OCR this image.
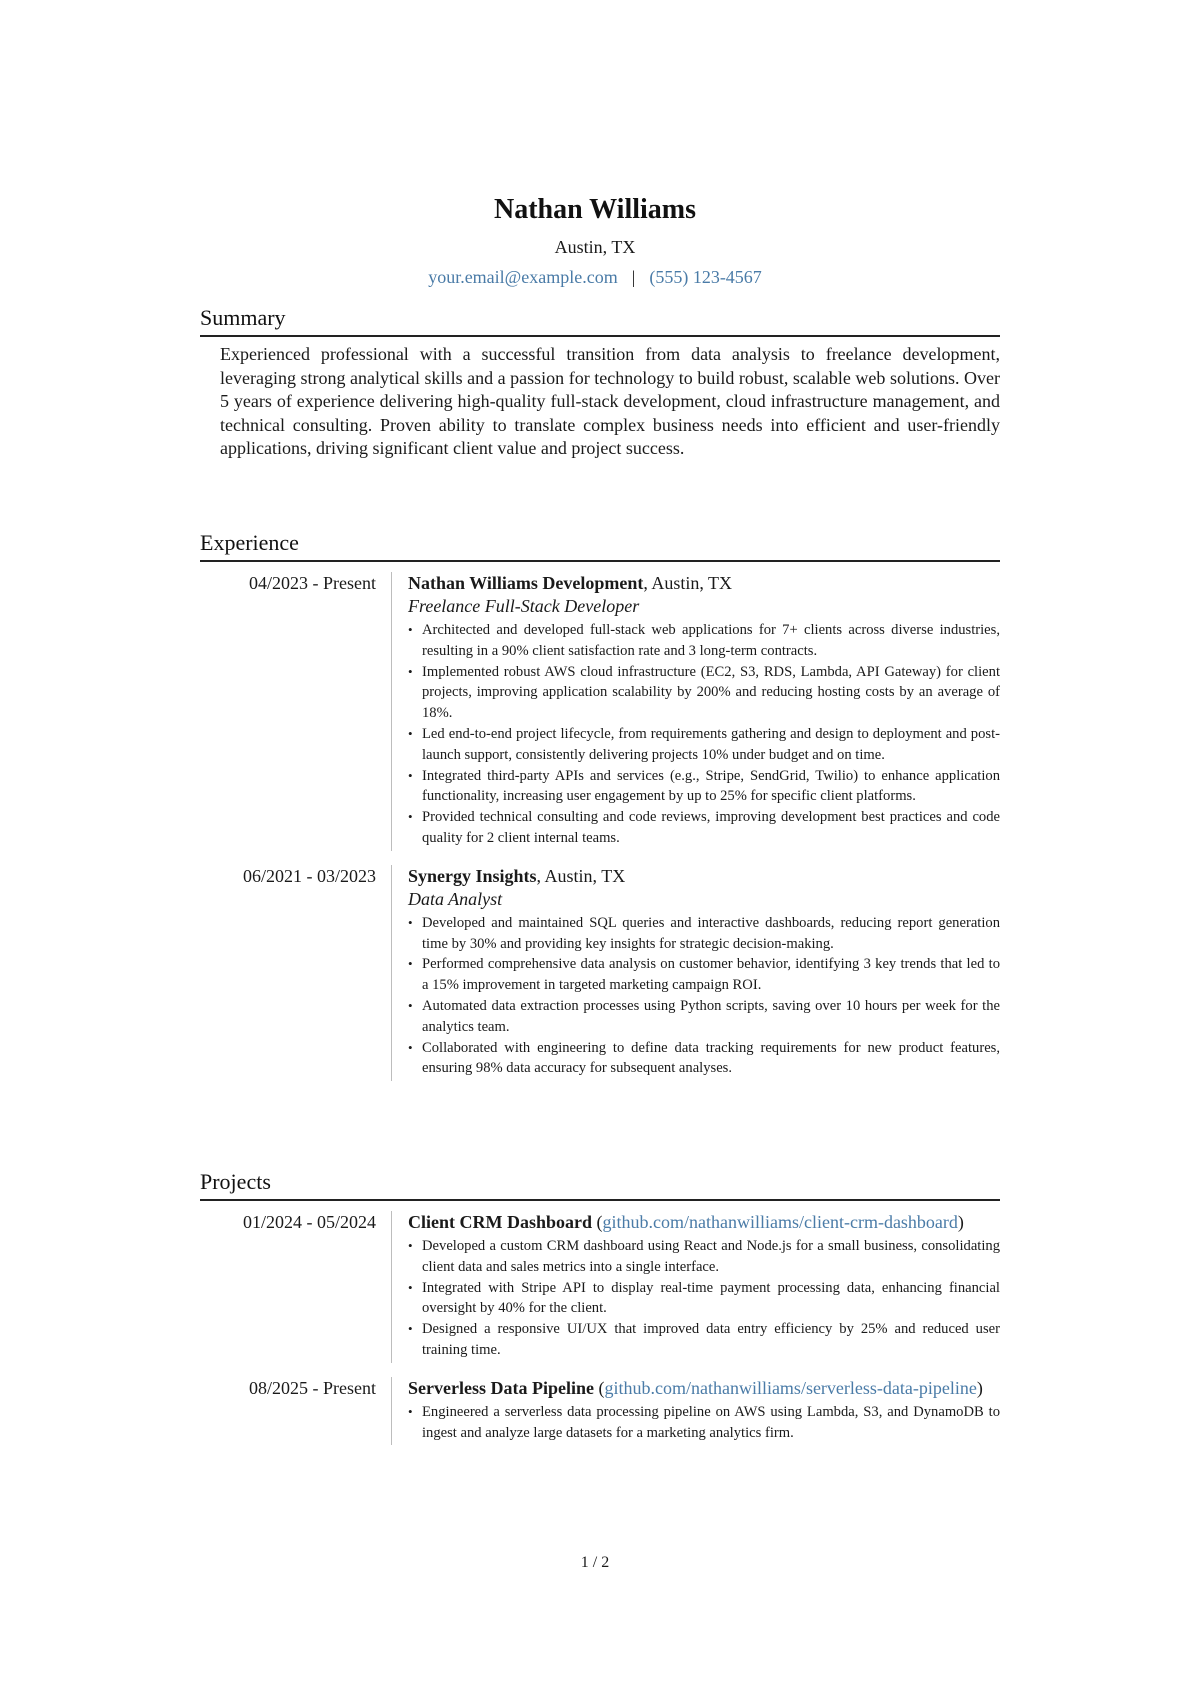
Nathan Williams
Austin, TX
your.email@example.com | (555) 123-4567
Summary
Experienced professional with a successful transition from data analysis to freelance development, leveraging strong analytical skills and a passion for technology to build robust, scalable web solutions. Over 5 years of experience delivering high-quality full-stack development, cloud infrastructure management, and technical consulting. Proven ability to translate complex business needs into efficient and user-friendly applications, driving significant client value and project success.
Experience
04/2023 - Present Nathan Williams Development, Austin, TX
Freelance Full-Stack Developer
• Architected and developed full-stack web applications for 7+ clients across diverse industries, resulting in a 90% client satisfaction rate and 3 long-term contracts.
• Implemented robust AWS cloud infrastructure (EC2, S3, RDS, Lambda, API Gateway) for client projects, improving application scalability by 200% and reducing hosting costs by an average of 18%.
• Led end-to-end project lifecycle, from requirements gathering and design to deployment and post-launch support, consistently delivering projects 10% under budget and on time.
• Integrated third-party APIs and services (e.g., Stripe, SendGrid, Twilio) to enhance application functionality, increasing user engagement by up to 25% for specific client platforms.
• Provided technical consulting and code reviews, improving development best practices and code quality for 2 client internal teams.
06/2021 - 03/2023 Synergy Insights, Austin, TX
Data Analyst
• Developed and maintained SQL queries and interactive dashboards, reducing report generation time by 30% and providing key insights for strategic decision-making.
• Performed comprehensive data analysis on customer behavior, identifying 3 key trends that led to a 15% improvement in targeted marketing campaign ROI.
• Automated data extraction processes using Python scripts, saving over 10 hours per week for the analytics team.
• Collaborated with engineering to define data tracking requirements for new product features, ensuring 98% data accuracy for subsequent analyses.
Projects
01/2024 - 05/2024 Client CRM Dashboard (github.com/nathanwilliams/client-crm-dashboard)
• Developed a custom CRM dashboard using React and Node.js for a small business, consolidating client data and sales metrics into a single interface.
• Integrated with Stripe API to display real-time payment processing data, enhancing financial oversight by 40% for the client.
• Designed a responsive UI/UX that improved data entry efficiency by 25% and reduced user training time.
08/2025 - Present Serverless Data Pipeline (github.com/nathanwilliams/serverless-data-pipeline)
• Engineered a serverless data processing pipeline on AWS using Lambda, S3, and DynamoDB to ingest and analyze large datasets for a marketing analytics firm.
1 / 2
